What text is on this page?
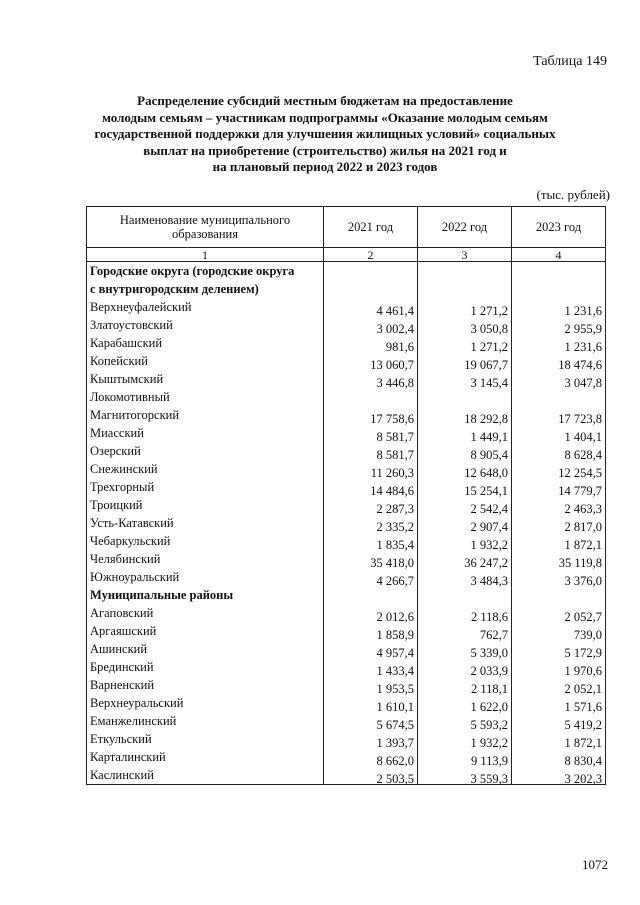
Таблица 149
Распределение субсидий местным бюджетам на предоставление
молодым семьям – участникам подпрограммы «Оказание молодым семьям
государственной поддержки для улучшения жилищных условий» социальных
выплат на приобретение (строительство) жилья на 2021 год и
на плановый период 2022 и 2023 годов
(тыс. рублей)
Наименование муниципального образования	2021 год	2022 год	2023 год
1	2	3	4
Городские округа (городские округа			
с внутригородским делением)			
Верхнеуфалейский	4 461,4	1 271,2	1 231,6
Златоустовский	3 002,4	3 050,8	2 955,9
Карабашский	981,6	1 271,2	1 231,6
Копейский	13 060,7	19 067,7	18 474,6
Кыштымский	3 446,8	3 145,4	3 047,8
Локомотивный			
Магнитогорский	17 758,6	18 292,8	17 723,8
Миасский	8 581,7	1 449,1	1 404,1
Озерский	8 581,7	8 905,4	8 628,4
Снежинский	11 260,3	12 648,0	12 254,5
Трехгорный	14 484,6	15 254,1	14 779,7
Троицкий	2 287,3	2 542,4	2 463,3
Усть-Катавский	2 335,2	2 907,4	2 817,0
Чебаркульский	1 835,4	1 932,2	1 872,1
Челябинский	35 418,0	36 247,2	35 119,8
Южноуральский	4 266,7	3 484,3	3 376,0
Муниципальные районы			
Агаповский	2 012,6	2 118,6	2 052,7
Аргаяшский	1 858,9	762,7	739,0
Ашинский	4 957,4	5 339,0	5 172,9
Брединский	1 433,4	2 033,9	1 970,6
Варненский	1 953,5	2 118,1	2 052,1
Верхнеуральский	1 610,1	1 622,0	1 571,6
Еманжелинский	5 674,5	5 593,2	5 419,2
Еткульский	1 393,7	1 932,2	1 872,1
Карталинский	8 662,0	9 113,9	8 830,4
Каслинский	2 503,5	3 559,3	3 202,3
1072
